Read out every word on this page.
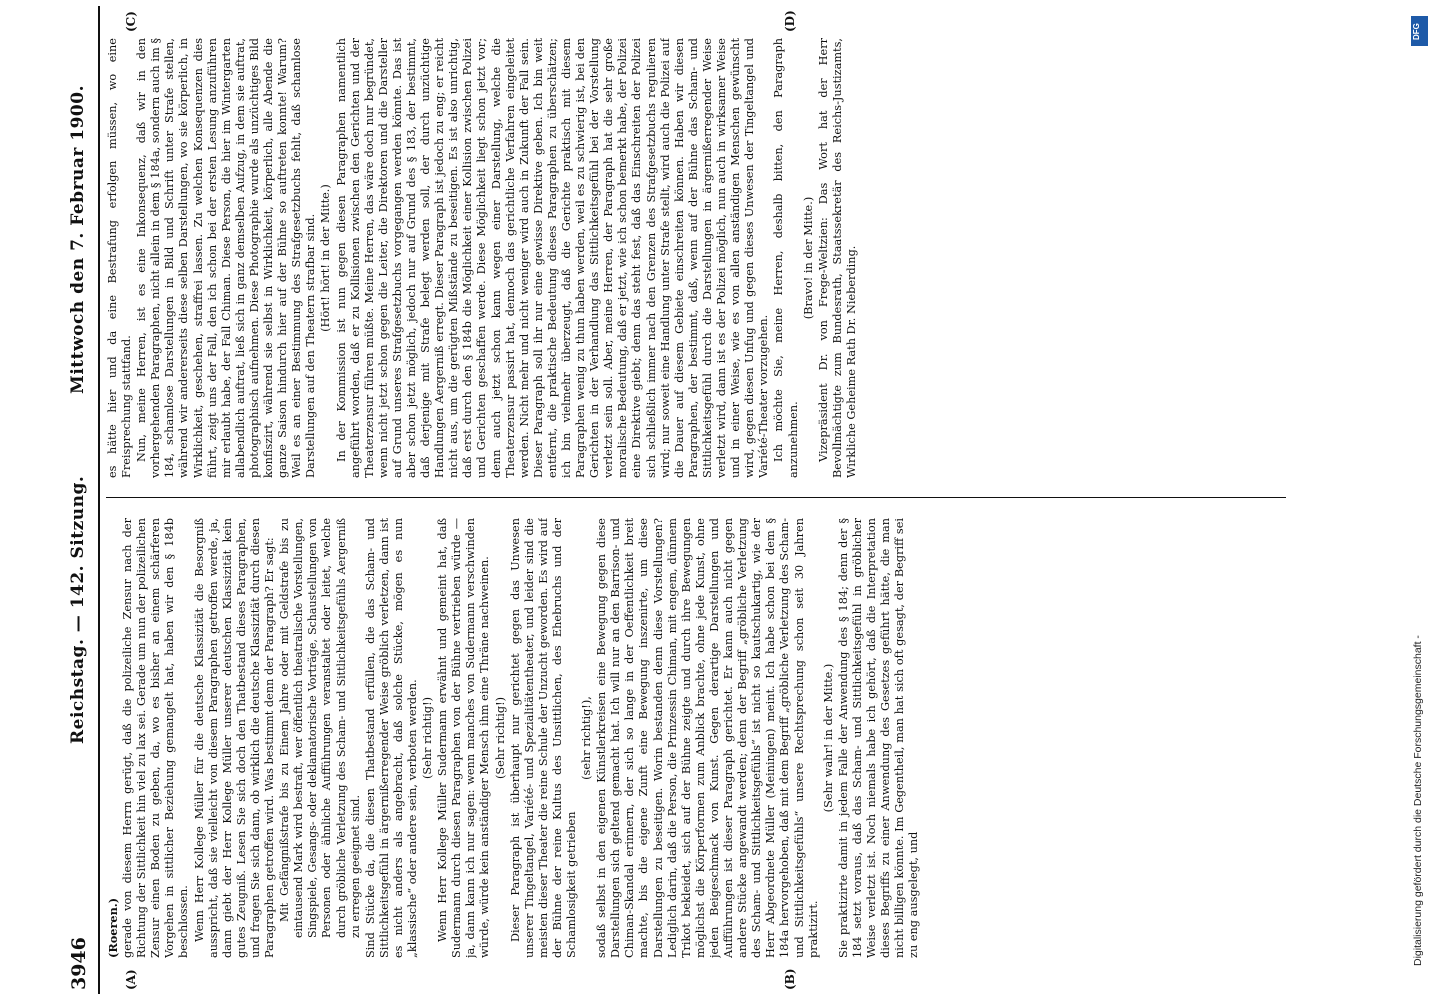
3946
Reichstag. — 142. Sitzung.
Mittwoch den 7. Februar 1900.
(A)	(B)
(C)	(D)

(Roeren.) gerade von diesem Herrn gerügt, daß die polizeiliche Zensur nach der Richtung der Sittlichkeit hin viel zu lax sei. Gerade um nun der polizeilichen Zensur einen Boden zu geben, da, wo es bisher an einem schärferen Vorgehen in sittlicher Beziehung gemangelt hat, haben wir den § 184b beschlossen. Wenn Herr Kollege Müller für die deutsche Klassizität die Besorgniß ausspricht, daß sie vielleicht von diesem Paragraphen getroffen werde, ja, dann giebt der Herr Kollege Müller unserer deutschen Klassizität kein gutes Zeugniß. Lesen Sie sich doch den Thatbestand dieses Paragraphen, und fragen Sie sich dann, ob wirklich die deutsche Klassizität durch diesen Paragraphen getroffen wird. Was bestimmt denn der Paragraph? Er sagt: Mit Gefängnißstrafe bis zu Einem Jahre oder mit Geldstrafe bis zu eintausend Mark wird bestraft, wer öffentlich theatralische Vorstellungen, Singspiele, Gesangs- oder deklamatorische Vorträge, Schaustellungen von Personen oder ähnliche Aufführungen veranstaltet oder leitet, welche durch gröbliche Verletzung des Scham- und Sittlichkeitsgefühls Aergerniß zu erregen geeignet sind. Sind Stücke da, die diesen Thatbestand erfüllen, die das Scham- und Sittlichkeitsgefühl in ärgernißerregender Weise gröblich verletzen, dann ist es nicht anders als angebracht, daß solche Stücke, mögen es nun „klassische“ oder andere sein, verboten werden. (Sehr richtig!) Wenn Herr Kollege Müller Sudermann erwähnt und gemeint hat, daß Sudermann durch diesen Paragraphen von der Bühne vertrieben würde — ja, dann kann ich nur sagen: wenn manches von Sudermann verschwinden würde, würde kein anständiger Mensch ihm eine Thräne nachweinen. (Sehr richtig!) Dieser Paragraph ist überhaupt nur gerichtet gegen das Unwesen unserer Tingeltangel, Variété- und Spezialitätentheater, und leider sind die meisten dieser Theater die reine Schule der Unzucht geworden. Es wird auf der Bühne der reine Kultus des Unsittlichen, des Ehebruchs und der Schamlosigkeit getrieben

(sehr richtig!), sodaß selbst in den eigenen Künstlerkreisen eine Bewegung gegen diese Darstellungen sich geltend gemacht hat. Ich will nur an den Barrison- und Chiman-Skandal erinnern, der sich so lange in der Oeffentlichkeit breit machte, bis die eigene Zunft eine Bewegung inszenirte, um diese Darstellungen zu beseitigen. Worin bestanden denn diese Vorstellungen? Lediglich darin, daß die Person, die Prinzessin Chiman, mit engem, dünnem Trikot bekleidet, sich auf der Bühne zeigte und durch ihre Bewegungen möglichst die Körperformen zum Anblick brachte, ohne jede Kunst, ohne jeden Beigeschmack von Kunst. Gegen derartige Darstellungen und Aufführungen ist dieser Paragraph gerichtet. Er kann auch nicht gegen andere Stücke angewandt werden; denn der Begriff „gröbliche Verletzung des Scham- und Sittlichkeitsgefühls“ ist nicht so kautschukartig, wie der Herr Abgeordnete Müller (Meiningen) meint. Ich habe schon bei dem § 184a hervorgehoben, daß mit dem Begriff „gröbliche Verletzung des Scham- und Sittlichkeitsgefühls“ unsere Rechtsprechung schon seit 30 Jahren praktizirt.

(Sehr wahr! in der Mitte.) Sie praktizirte damit in jedem Falle der Anwendung des § 184; denn der § 184 setzt voraus, daß das Scham- und Sittlichkeitsgefühl in gröblicher Weise verletzt ist. Noch niemals habe ich gehört, daß die Interpretation dieses Begriffs zu einer Anwendung des Gesetzes geführt hätte, die man nicht billigen könnte. Im Gegentheil, man hat sich oft gesagt, der Begriff sei zu eng ausgelegt, und

es hätte hier und da eine Bestrafung erfolgen müssen, wo eine Freisprechung stattfand. Nun, meine Herren, ist es eine Inkonsequenz, daß wir in den vorhergehenden Paragraphen, nicht allein in dem § 184a, sondern auch im § 184, schamlose Darstellungen in Bild und Schrift unter Strafe stellen, während wir andererseits diese selben Darstellungen, wo sie körperlich, in Wirklichkeit, geschehen, straffrei lassen. Zu welchen Konsequenzen dies führt, zeigt uns der Fall, den ich schon bei der ersten Lesung anzuführen mir erlaubt habe, der Fall Chiman. Diese Person, die hier im Wintergarten allabendlich auftrat, ließ sich in ganz demselben Aufzug, in dem sie auftrat, photographisch aufnehmen. Diese Photographie wurde als unzüchtiges Bild konfiszirt, während sie selbst in Wirklichkeit, körperlich, alle Abende die ganze Saison hindurch hier auf der Bühne so auftreten konnte! Warum? Weil es an einer Bestimmung des Strafgesetzbuchs fehlt, daß schamlose Darstellungen auf den Theatern strafbar sind. (Hört! hört! in der Mitte.) In der Kommission ist nun gegen diesen Paragraphen namentlich angeführt worden, daß er zu Kollisionen zwischen den Gerichten und der Theaterzensur führen müßte. Meine Herren, das wäre doch nur begründet, wenn nicht jetzt schon gegen die Leiter, die Direktoren und die Darsteller auf Grund unseres Strafgesetzbuchs vorgegangen werden könnte. Das ist aber schon jetzt möglich, jedoch nur auf Grund des § 183, der bestimmt, daß derjenige mit Strafe belegt werden soll, der durch unzüchtige Handlungen Aergerniß erregt. Dieser Paragraph ist jedoch zu eng; er reicht nicht aus, um die gerügten Mißstände zu beseitigen. Es ist also unrichtig, daß erst durch den § 184b die Möglichkeit einer Kollision zwischen Polizei und Gerichten geschaffen werde. Diese Möglichkeit liegt schon jetzt vor; denn auch jetzt schon kann wegen einer Darstellung, welche die Theaterzensur passirt hat, dennoch das gerichtliche Verfahren eingeleitet werden. Nicht mehr und nicht weniger wird auch in Zukunft der Fall sein. Dieser Paragraph soll ihr nur eine gewisse Direktive geben. Ich bin weit entfernt, die praktische Bedeutung dieses Paragraphen zu überschätzen; ich bin vielmehr überzeugt, daß die Gerichte praktisch mit diesem Paragraphen wenig zu thun haben werden, weil es zu schwierig ist, bei den Gerichten in der Verhandlung das Sittlichkeitsgefühl bei der Vorstellung verletzt sein soll. Aber, meine Herren, der Paragraph hat die sehr große moralische Bedeutung, daß er jetzt, wie ich schon bemerkt habe, der Polizei eine Direktive giebt; denn das steht fest, daß das Einschreiten der Polizei sich schließlich immer nach den Grenzen des Strafgesetzbuchs regulieren wird; nur soweit eine Handlung unter Strafe stellt, wird auch die Polizei auf die Dauer auf diesem Gebiete einschreiten können. Haben wir diesen Paragraphen, der bestimmt, daß, wenn auf der Bühne das Scham- und Sittlichkeitsgefühl durch die Darstellungen in ärgernißerregender Weise verletzt wird, dann ist es der Polizei möglich, nun auch in wirksamer Weise und in einer Weise, wie es von allen anständigen Menschen gewünscht wird, gegen diesen Unfug und gegen dieses Unwesen der Tingeltangel und Variété-Theater vorzugehen. Ich möchte Sie, meine Herren, deshalb bitten, den Paragraph anzunehmen.

(Bravo! in der Mitte.) Vizepräsident Dr. von Frege-Weltzien: Das Wort hat der Herr Bevollmächtigte zum Bundesrath, Staatssekretär des Reichs-Justizamts, Wirkliche Geheime Rath Dr. Nieberding.

DFG
Digitalisierung gefördert durch die Deutsche Forschungsgemeinschaft -
